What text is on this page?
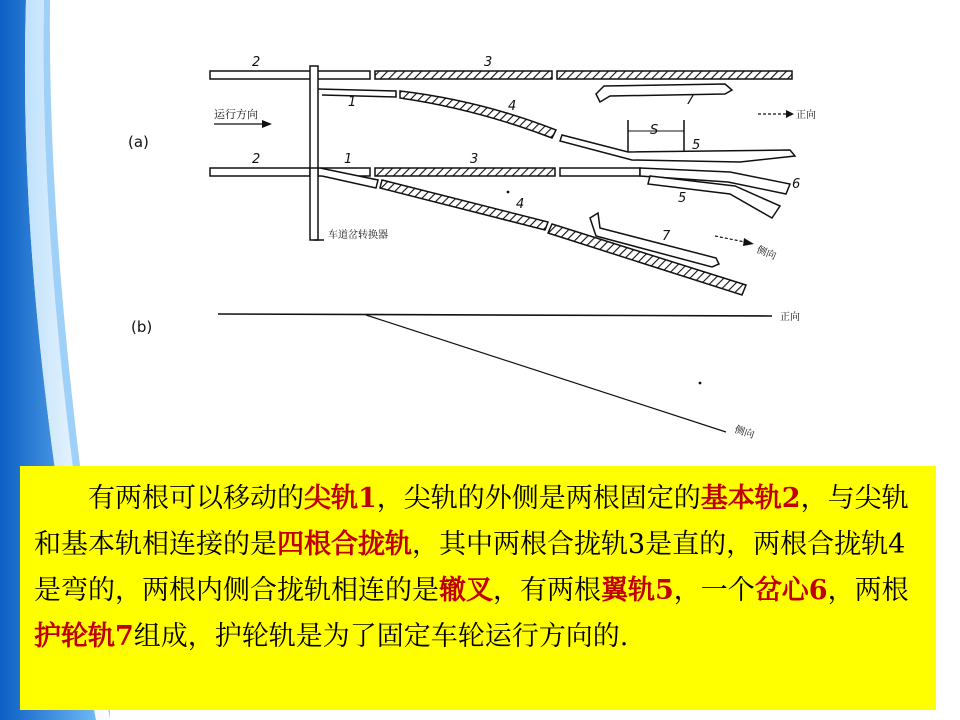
(a)
2	3
1	4	7
S
5
2	1	3
6
5
4
7
运行方向	正向
车道岔转换器
侧向
(b)
正向
侧向

有两根可以移动的尖轨1，尖轨的外侧是两根固定的基本轨2，与尖轨和基本轨相连接的是四根合拢轨，其中两根合拢轨3是直的，两根合拢轨4是弯的，两根内侧合拢轨相连的是辙叉，有两根翼轨5，一个岔心6，两根护轮轨7组成，护轮轨是为了固定车轮运行方向的.
